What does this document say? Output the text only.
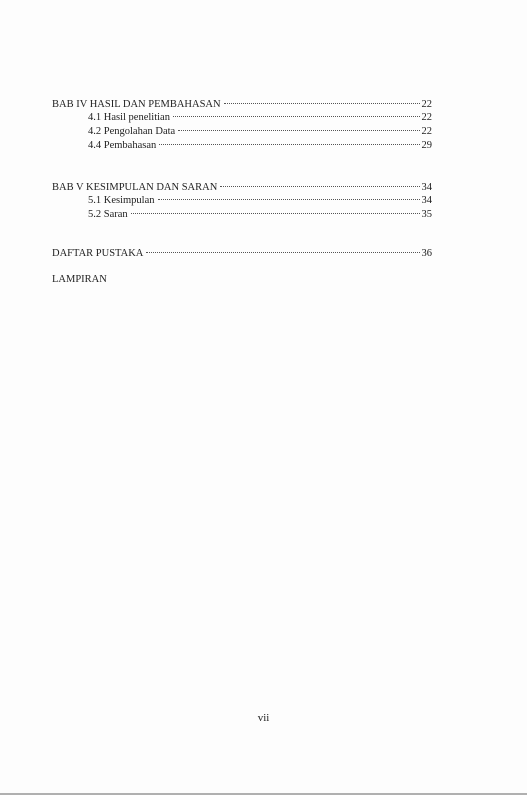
BAB IV HASIL DAN PEMBAHASAN	22
4.1 Hasil penelitian	22
4.2 Pengolahan Data	22
4.4 Pembahasan	29
BAB V KESIMPULAN DAN SARAN	34
5.1 Kesimpulan	34
5.2 Saran	35
DAFTAR PUSTAKA	36
LAMPIRAN
vii
